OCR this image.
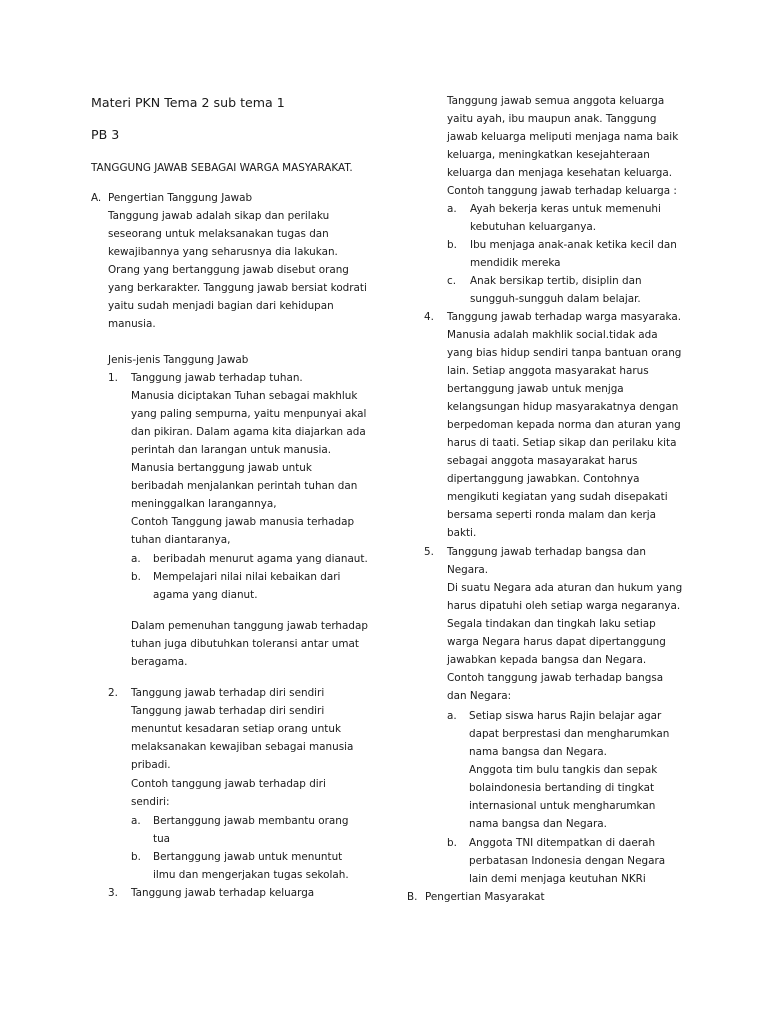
Materi PKN Tema 2 sub tema 1
PB 3
TANGGUNG JAWAB SEBAGAI WARGA MASYARAKAT.
A. Pengertian Tanggung Jawab
Tanggung jawab adalah sikap dan perilaku
seseorang untuk melaksanakan tugas dan
kewajibannya yang seharusnya dia lakukan.
Orang yang bertanggung jawab disebut orang
yang berkarakter. Tanggung jawab bersiat kodrati
yaitu sudah menjadi bagian dari kehidupan
manusia.
Jenis-jenis Tanggung Jawab
1. Tanggung jawab terhadap tuhan.
Manusia diciptakan Tuhan sebagai makhluk
yang paling sempurna, yaitu menpunyai akal
dan pikiran. Dalam agama kita diajarkan ada
perintah dan larangan untuk manusia.
Manusia bertanggung jawab untuk
beribadah menjalankan perintah tuhan dan
meninggalkan larangannya,
Contoh Tanggung jawab manusia terhadap
tuhan diantaranya,
a. beribadah menurut agama yang dianaut.
b. Mempelajari nilai nilai kebaikan dari
agama yang dianut.
Dalam pemenuhan tanggung jawab terhadap
tuhan juga dibutuhkan toleransi antar umat
beragama.
2. Tanggung jawab terhadap diri sendiri
Tanggung jawab terhadap diri sendiri
menuntut kesadaran setiap orang untuk
melaksanakan kewajiban sebagai manusia
pribadi.
Contoh tanggung jawab terhadap diri
sendiri:
a. Bertanggung jawab membantu orang
tua
b. Bertanggung jawab untuk menuntut
ilmu dan mengerjakan tugas sekolah.
3. Tanggung jawab terhadap keluarga
Tanggung jawab semua anggota keluarga
yaitu ayah, ibu maupun anak. Tanggung
jawab keluarga meliputi menjaga nama baik
keluarga, meningkatkan kesejahteraan
keluarga dan menjaga kesehatan keluarga.
Contoh tanggung jawab terhadap keluarga :
a. Ayah bekerja keras untuk memenuhi
kebutuhan keluarganya.
b. Ibu menjaga anak-anak ketika kecil dan
mendidik mereka
c. Anak bersikap tertib, disiplin dan
sungguh-sungguh dalam belajar.
4. Tanggung jawab terhadap warga masyaraka.
Manusia adalah makhlik social.tidak ada
yang bias hidup sendiri tanpa bantuan orang
lain. Setiap anggota masyarakat harus
bertanggung jawab untuk menjga
kelangsungan hidup masyarakatnya dengan
berpedoman kepada norma dan aturan yang
harus di taati. Setiap sikap dan perilaku kita
sebagai anggota masayarakat harus
dipertanggung jawabkan. Contohnya
mengikuti kegiatan yang sudah disepakati
bersama seperti ronda malam dan kerja
bakti.
5. Tanggung jawab terhadap bangsa dan
Negara.
Di suatu Negara ada aturan dan hukum yang
harus dipatuhi oleh setiap warga negaranya.
Segala tindakan dan tingkah laku setiap
warga Negara harus dapat dipertanggung
jawabkan kepada bangsa dan Negara.
Contoh tanggung jawab terhadap bangsa
dan Negara:
a. Setiap siswa harus Rajin belajar agar
dapat berprestasi dan mengharumkan
nama bangsa dan Negara.
Anggota tim bulu tangkis dan sepak
bolaindonesia bertanding di tingkat
internasional untuk mengharumkan
nama bangsa dan Negara.
b. Anggota TNI ditempatkan di daerah
perbatasan Indonesia dengan Negara
lain demi menjaga keutuhan NKRi
B. Pengertian Masyarakat
